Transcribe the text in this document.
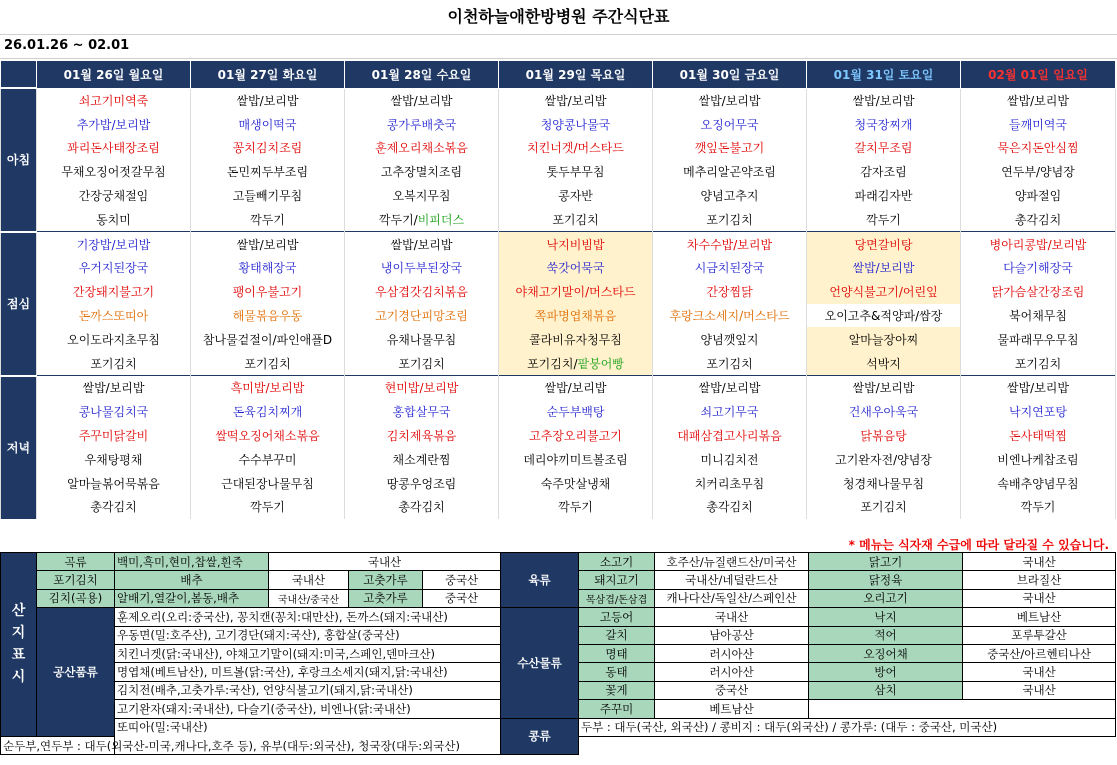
이천하늘애한방병원 주간식단표
26.01.26 ~ 02.01
	01월 26일 월요일	01월 27일 화요일	01월 28일 수요일	01월 29일 목요일	01월 30일 금요일	01월 31일 토요일	02월 01일 일요일
아침	쇠고기미역죽	쌀밥/보리밥	쌀밥/보리밥	쌀밥/보리밥	쌀밥/보리밥	쌀밥/보리밥	쌀밥/보리밥
	추가밥/보리밥	매생이떡국	콩가루배춧국	청양콩나물국	오징어무국	청국장찌개	들깨미역국
	꽈리돈사태장조림	꽁치김치조림	훈제오리채소볶음	치킨너겟/머스타드	깻잎돈불고기	갈치무조림	묵은지돈안심찜
	무채오징어젓갈무침	돈민찌두부조림	고추장멸치조림	톳두부무침	메추리알곤약조림	감자조림	연두부/양념장
	간장궁채절임	고들빼기무침	오복지무침	콩자반	양념고추지	파래김자반	양파절임
	동치미	깍두기	깍두기/비피더스	포기김치	포기김치	깍두기	총각김치
점심	기장밥/보리밥	쌀밥/보리밥	쌀밥/보리밥	낙지비빔밥	차수수밥/보리밥	당면갈비탕	병아리콩밥/보리밥
	우거지된장국	황태해장국	냉이두부된장국	쑥갓어묵국	시금치된장국	쌀밥/보리밥	다슬기해장국
	간장돼지불고기	팽이우불고기	우삼겹갓김치볶음	야채고기말이/머스타드	간장찜닭	언양식불고기/어린잎	닭가슴살간장조림
	돈까스또띠아	해물볶음우동	고기경단피망조림	쪽파명엽채볶음	후랑크소세지/머스타드	오이고추&적양파/쌈장	북어채무침
	오이도라지초무침	참나물겉절이/파인애플D	유채나물무침	콜라비유자청무침	양념깻잎지	알마늘장아찌	물파래무우무침
	포기김치	포기김치	포기김치	포기김치/팥붕어빵	포기김치	석박지	포기김치
저녁	쌀밥/보리밥	흑미밥/보리밥	현미밥/보리밥	쌀밥/보리밥	쌀밥/보리밥	쌀밥/보리밥	쌀밥/보리밥
	콩나물김치국	돈육김치찌개	홍합살무국	순두부백탕	쇠고기무국	건새우아욱국	낙지연포탕
	주꾸미닭갈비	쌀떡오징어채소볶음	김치제육볶음	고추장오리불고기	대패삼겹고사리볶음	닭볶음탕	돈사태떡찜
	우채탕평채	수수부꾸미	채소계란찜	데리야끼미트볼조림	미니김치전	고기완자전/양념장	비엔나케찹조림
	알마늘볶어묵볶음	근대된장나물무침	땅콩우엉조림	숙주맛살냉채	치커리초무침	청경채나물무침	속배추양념무침
	총각김치	깍두기	총각김치	깍두기	총각김치	포기김치	깍두기
* 메뉴는 식자재 수급에 따라 달라질 수 있습니다.
산지표시	곡류	백미,흑미,현미,찹쌀,흰죽	국내산			육류	소고기	호주산/뉴질랜드산/미국산	닭고기	국내산
	포기김치	배추	국내산	고춧가루	중국산		돼지고기	국내산/네덜란드산	닭정육	브라질산
	김치(곡용)	알배기,열갈이,봄동,배추	국내산/중국산	고춧가루	중국산		목삼겹/돈삼겹	캐나다산/독일산/스페인산	오리고기	국내산
	공산품류	훈제오리(오리:중국산), 꽁치캔(꽁치:대만산), 돈까스(돼지:국내산)				수산물류	고등어	국내산	낙지	베트남산
		우동면(밀:호주산), 고기경단(돼지:국산), 홍합살(중국산)					갈치	남아공산	적어	포루투갈산
		치킨너겟(닭:국내산), 야채고기말이(돼지:미국,스페인,덴마크산)					명태	러시아산	오징어채	중국산/아르헨티나산
		명엽채(베트남산), 미트볼(닭:국산), 후랑크소세지(돼지,닭:국내산)					동태	러시아산	방어	국내산
		김치전(배추,고춧가루:국산), 언양식불고기(돼지,닭:국내산)					꽃게	중국산	삼치	국내산
		고기완자(돼지:국내산), 다슬기(중국산), 비엔나(닭:국내산)					주꾸미	베트남산		
		또띠아(밀:국내산)				콩류	두부 : 대두(국산, 외국산) / 콩비지 : 대두(외국산) / 콩가루: (대두 : 중국산, 미국산)			
순두부,연두부 : 대두(외국산-미국,캐나다,호주 등), 유부(대두:외국산), 청국장(대두:외국산)										
